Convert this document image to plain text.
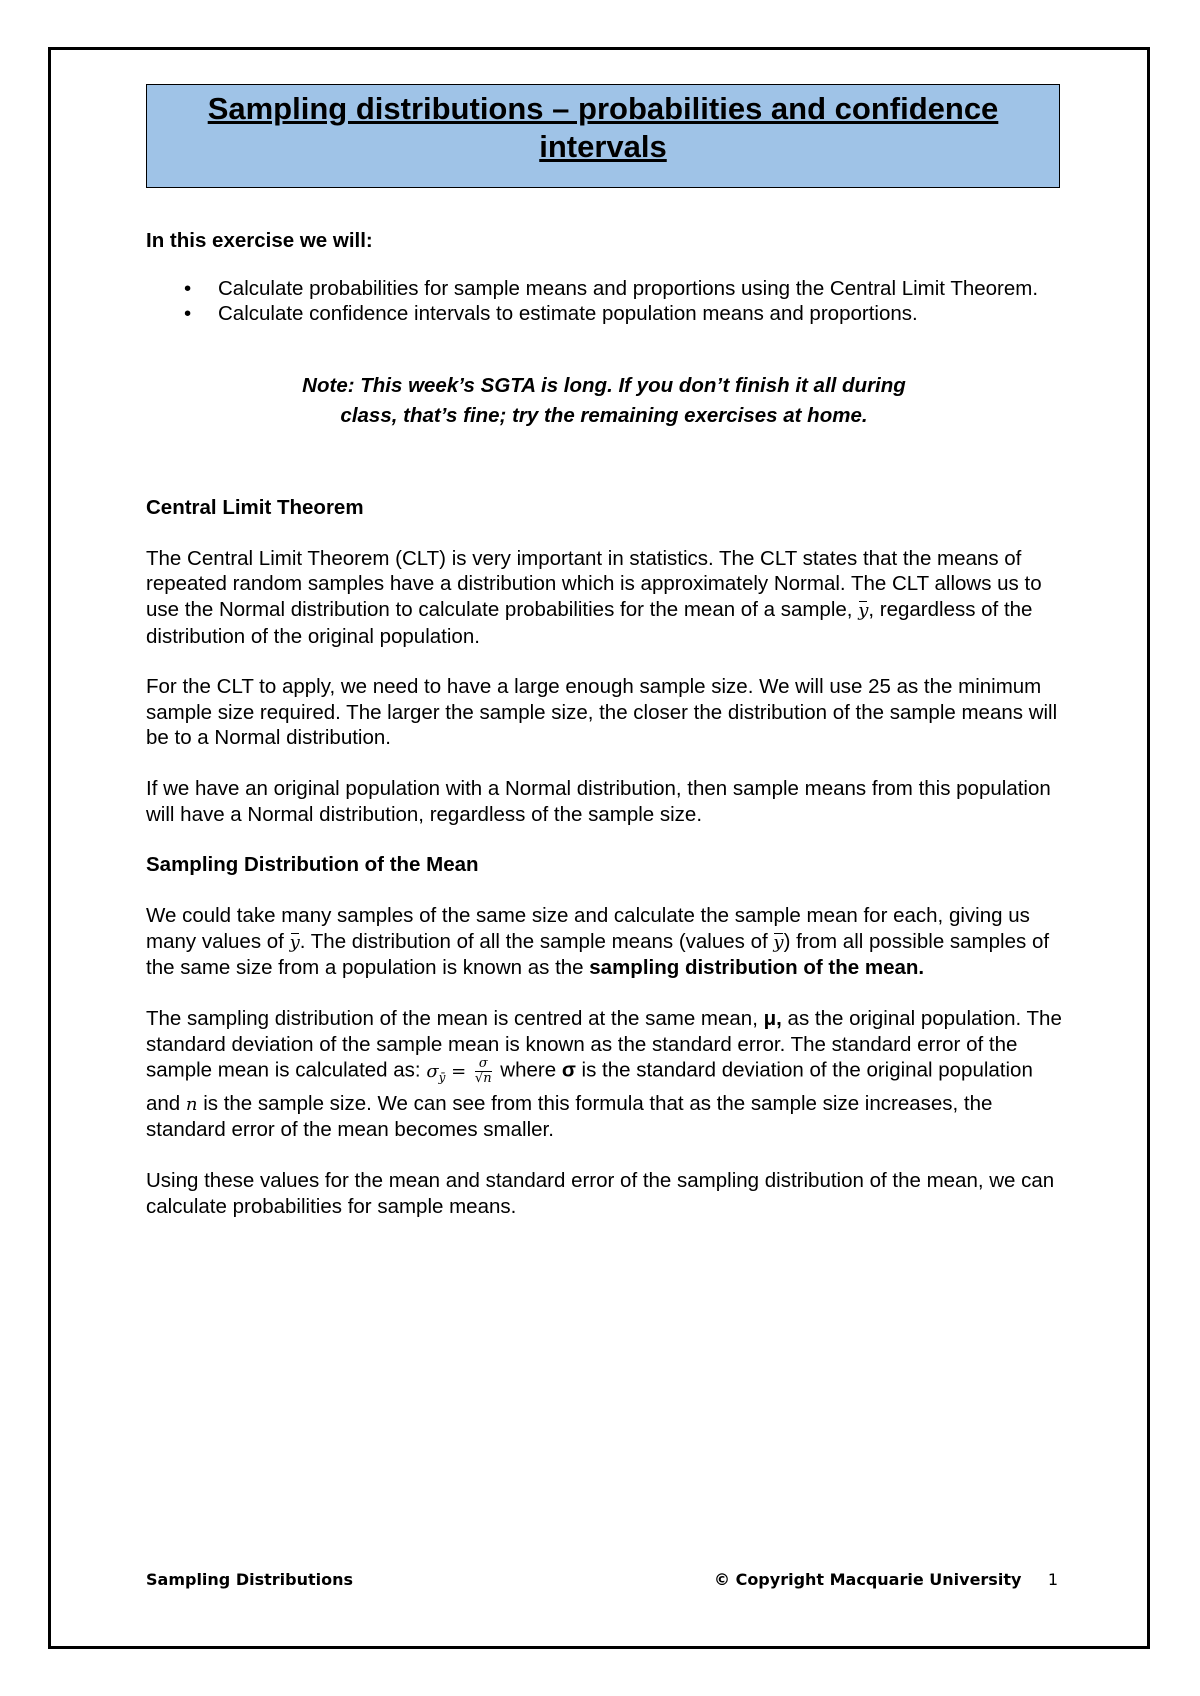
Sampling distributions – probabilities and confidence intervals

In this exercise we will:

• Calculate probabilities for sample means and proportions using the Central Limit Theorem.
• Calculate confidence intervals to estimate population means and proportions.

Note: This week’s SGTA is long. If you don’t finish it all during
class, that’s fine; try the remaining exercises at home.

Central Limit Theorem

The Central Limit Theorem (CLT) is very important in statistics. The CLT states that the means of repeated random samples have a distribution which is approximately Normal. The CLT allows us to use the Normal distribution to calculate probabilities for the mean of a sample, y, regardless of the distribution of the original population.

For the CLT to apply, we need to have a large enough sample size. We will use 25 as the minimum sample size required. The larger the sample size, the closer the distribution of the sample means will be to a Normal distribution.

If we have an original population with a Normal distribution, then sample means from this population will have a Normal distribution, regardless of the sample size.

Sampling Distribution of the Mean

We could take many samples of the same size and calculate the sample mean for each, giving us many values of y. The distribution of all the sample means (values of y) from all possible samples of the same size from a population is known as the sampling distribution of the mean.

The sampling distribution of the mean is centred at the same mean, μ, as the original population. The standard deviation of the sample mean is known as the standard error. The standard error of the sample mean is calculated as: $\sigma_ȳ = \frac{\sigma}{√n}$ where σ is the standard deviation of the original population and n is the sample size. We can see from this formula that as the sample size increases, the standard error of the mean becomes smaller.

Using these values for the mean and standard error of the sampling distribution of the mean, we can calculate probabilities for sample means.

Sampling Distributions	© Copyright Macquarie University 1
